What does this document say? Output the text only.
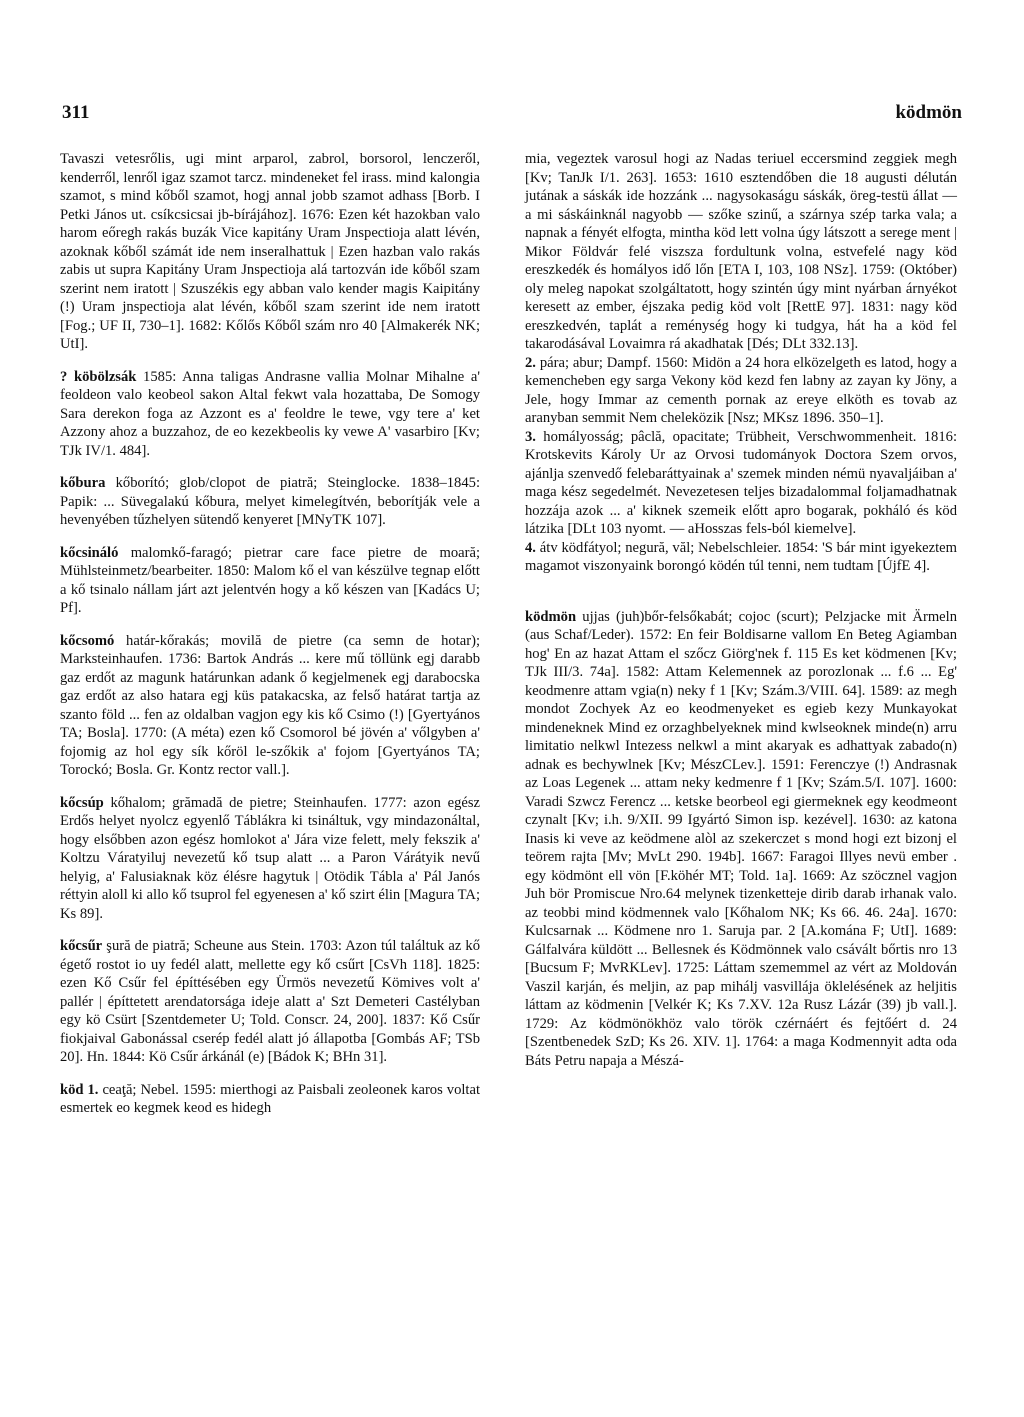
311	ködmön

Tavaszi vetesrőlis, ugi mint arparol, zabrol, borsorol, lenczeről, kenderről, lenről igaz szamot tarcz. mindeneket fel irass. mind kalongia szamot, s mind kőből szamot, hogj annal jobb szamot adhass [Borb. I Petki János ut. csíkcsicsai jb-bírájához]. 1676: Ezen két hazokban valo harom eőregh rakás buzák Vice kapitány Uram Jnspectioja alatt lévén, azoknak kőből számát ide nem inseralhattuk | Ezen hazban valo rakás zabis ut supra Kapitány Uram Jnspectioja alá tartozván ide kőből szam szerint nem iratott | Szuszékis egy abban valo kender magis Kaipitány (!) Uram jnspectioja alat lévén, kőből szam szerint ide nem iratott [Fog.; UF II, 730–1]. 1682: Kőlős Kőből szám nro 40 [Almakerék NK; UtI].

? köbölzsák 1585: Anna taligas Andrasne vallia Molnar Mihalne a' feoldeon valo keobeol sakon Altal fekwt vala hozattaba, De Somogy Sara derekon foga az Azzont es a' feoldre le tewe, vgy tere a' ket Azzony ahoz a buzzahoz, de eo kezekbeolis ky vewe A' vasarbiro [Kv; TJk IV/1. 484].

kőbura kőborító; glob/clopot de piatră; Steinglocke. 1838–1845: Papik: ... Süvegalakú kőbura, melyet kimelegítvén, beborítják vele a hevenyében tűzhelyen sütendő kenyeret [MNyTK 107].

kőcsináló malomkő-faragó; pietrar care face pietre de moară; Mühlsteinmetz/bearbeiter. 1850: Malom kő el van készülve tegnap előtt a kő tsinalo nállam járt azt jelentvén hogy a kő készen van [Kadács U; Pf].

kőcsomó határ-kőrakás; movilă de pietre (ca semn de hotar); Marksteinhaufen. 1736: Bartok András ... kere mű töllünk egj darabb gaz erdőt az magunk határunkan adank ő kegjelmenek egj darabocska gaz erdőt az also hatara egj küs patakacska, az felső határat tartja az szanto föld ... fen az oldalban vagjon egy kis kő Csimo (!) [Gyertyános TA; Bosla]. 1770: (A méta) ezen kő Csomorol bé jövén a' vőlgyben a' fojomig az hol egy sík kőröl le-szőkik a' fojom [Gyertyános TA; Torockó; Bosla. Gr. Kontz rector vall.].

kőcsúp kőhalom; grămadă de pietre; Steinhaufen. 1777: azon egész Erdős helyet nyolcz egyenlő Táblákra ki tsináltuk, vgy mindazonáltal, hogy elsőbben azon egész homlokot a' Jára vize felett, mely fekszik a' Koltzu Váratyiluj nevezetű kő tsup alatt ... a Paron Várátyik nevű helyig, a' Falusiaknak köz élésre hagytuk | Otödik Tábla a' Pál Janós réttyin aloll ki allo kő tsuprol fel egyenesen a' kő szirt élin [Magura TA; Ks 89].

kőcsűr şură de piatră; Scheune aus Stein. 1703: Azon túl találtuk az kő égető rostot io uy fedél alatt, mellette egy kő csűrt [CsVh 118]. 1825: ezen Kő Csűr fel építtésében egy Ürmös nevezetű Kömives volt a' pallér | építtetett arendatorsága ideje alatt a' Szt Demeteri Castélyban egy kö Csürt [Szentdemeter U; Told. Conscr. 24, 200]. 1837: Kő Csűr fiokjaival Gabonással cserép fedél alatt jó állapotba [Gombás AF; TSb 20]. Hn. 1844: Kö Csűr árkánál (e) [Bádok K; BHn 31].

köd 1. ceaţă; Nebel. 1595: mierthogi az Paisbali zeoleonek karos voltat esmertek eo kegmek keod es hidegh

mia, vegeztek varosul hogi az Nadas teriuel eccersmind zeggiek megh [Kv; TanJk I/1. 263]. 1653: 1610 esztendőben die 18 augusti délután jutának a sáskák ide hozzánk ... nagysokaságu sáskák, öreg-testü állat — a mi sáskáinknál nagyobb — szőke szinű, a szárnya szép tarka vala; a napnak a fényét elfogta, mintha köd lett volna úgy látszott a serege ment | Mikor Földvár felé viszsza fordultunk volna, estvefelé nagy köd ereszkedék és homályos idő lőn [ETA I, 103, 108 NSz]. 1759: (Október) oly meleg napokat szolgáltatott, hogy szintén úgy mint nyárban árnyékot keresett az ember, éjszaka pedig köd volt [RettE 97]. 1831: nagy köd ereszkedvén, taplát a reménység hogy ki tudgya, hát ha a köd fel takarodásával Lovaimra rá akadhatak [Dés; DLt 332.13].

2. pára; abur; Dampf. 1560: Midön a 24 hora elközelgeth es latod, hogy a kemencheben egy sarga Vekony köd kezd fen labny az zayan ky Jöny, a Jele, hogy Immar az cementh pornak az ereye elköth es tovab az aranyban semmit Nem cheleközik [Nsz; MKsz 1896. 350–1].

3. homályosság; pâclă, opacitate; Trübheit, Verschwommenheit. 1816: Krotskevits Károly Ur az Orvosi tudományok Doctora Szem orvos, ajánlja szenvedő felebaráttyainak a' szemek minden némü nyavaljáiban a' maga kész segedelmét. Nevezetesen teljes bizadalommal foljamadhatnak hozzája azok ... a' kiknek szemeik előtt apro bogarak, pokháló és köd látzika [DLt 103 nyomt. — aHosszas fels-ból kiemelve].

4. átv ködfátyol; negură, văl; Nebelschleier. 1854: 'S bár mint igyekeztem magamot viszonyaink borongó ködén túl tenni, nem tudtam [ÚjfE 4].

ködmön ujjas (juh)bőr-felsőkabát; cojoc (scurt); Pelzjacke mit Ärmeln (aus Schaf/Leder). 1572: En feir Boldisarne vallom En Beteg Agiamban hog' En az hazat Attam el szőcz Giörg'nek f. 115 Es ket ködmenen [Kv; TJk III/3. 74a]. 1582: Attam Kelemennek az porozlonak ... f.6 ... Eg' keodmenre attam vgia(n) neky f 1 [Kv; Szám.3/VIII. 64]. 1589: az megh mondot Zochyek Az eo keodmenyeket es egieb kezy Munkayokat mindeneknek Mind ez orzaghbelyeknek mind kwlseoknek minde(n) arru limitatio nelkwl Intezess nelkwl a mint akaryak es adhattyak zabado(n) adnak es bechywlnek [Kv; MészCLev.]. 1591: Ferenczye (!) Andrasnak az Loas Legenek ... attam neky kedmenre f 1 [Kv; Szám.5/I. 107]. 1600: Varadi Szwcz Ferencz ... ketske beorbeol egi giermeknek egy keodmeont czynalt [Kv; i.h. 9/XII. 99 Igyártó Simon isp. kezével]. 1630: az katona Inasis ki veve az keödmene alòl az szekerczet s mond hogi ezt bizonj el teörem rajta [Mv; MvLt 290. 194b]. 1667: Faragoi Illyes nevü ember . egy ködmönt ell vön [F.köhér MT; Told. 1a]. 1669: Az szöcznel vagjon Juh bör Promiscue Nro.64 melynek tizenketteje dirib darab irhanak valo. az teobbi mind ködmennek valo [Kőhalom NK; Ks 66. 46. 24a]. 1670: Kulcsarnak ... Ködmene nro 1. Saruja par. 2 [A.komána F; UtI]. 1689: Gálfalvára küldött ... Bellesnek és Ködmönnek valo csávált bőrtis nro 13 [Bucsum F; MvRKLev]. 1725: Láttam szememmel az vért az Moldován Vaszil karján, és meljin, az pap mihálj vasvillája öklelésének az heljitis láttam az ködmenin [Velkér K; Ks 7.XV. 12a Rusz Lázár (39) jb vall.]. 1729: Az ködmönökhöz valo török czérnáért és fejtőért d. 24 [Szentbenedek SzD; Ks 26. XIV. 1]. 1764: a maga Kodmennyit adta oda Báts Petru napaja a Mészá-
